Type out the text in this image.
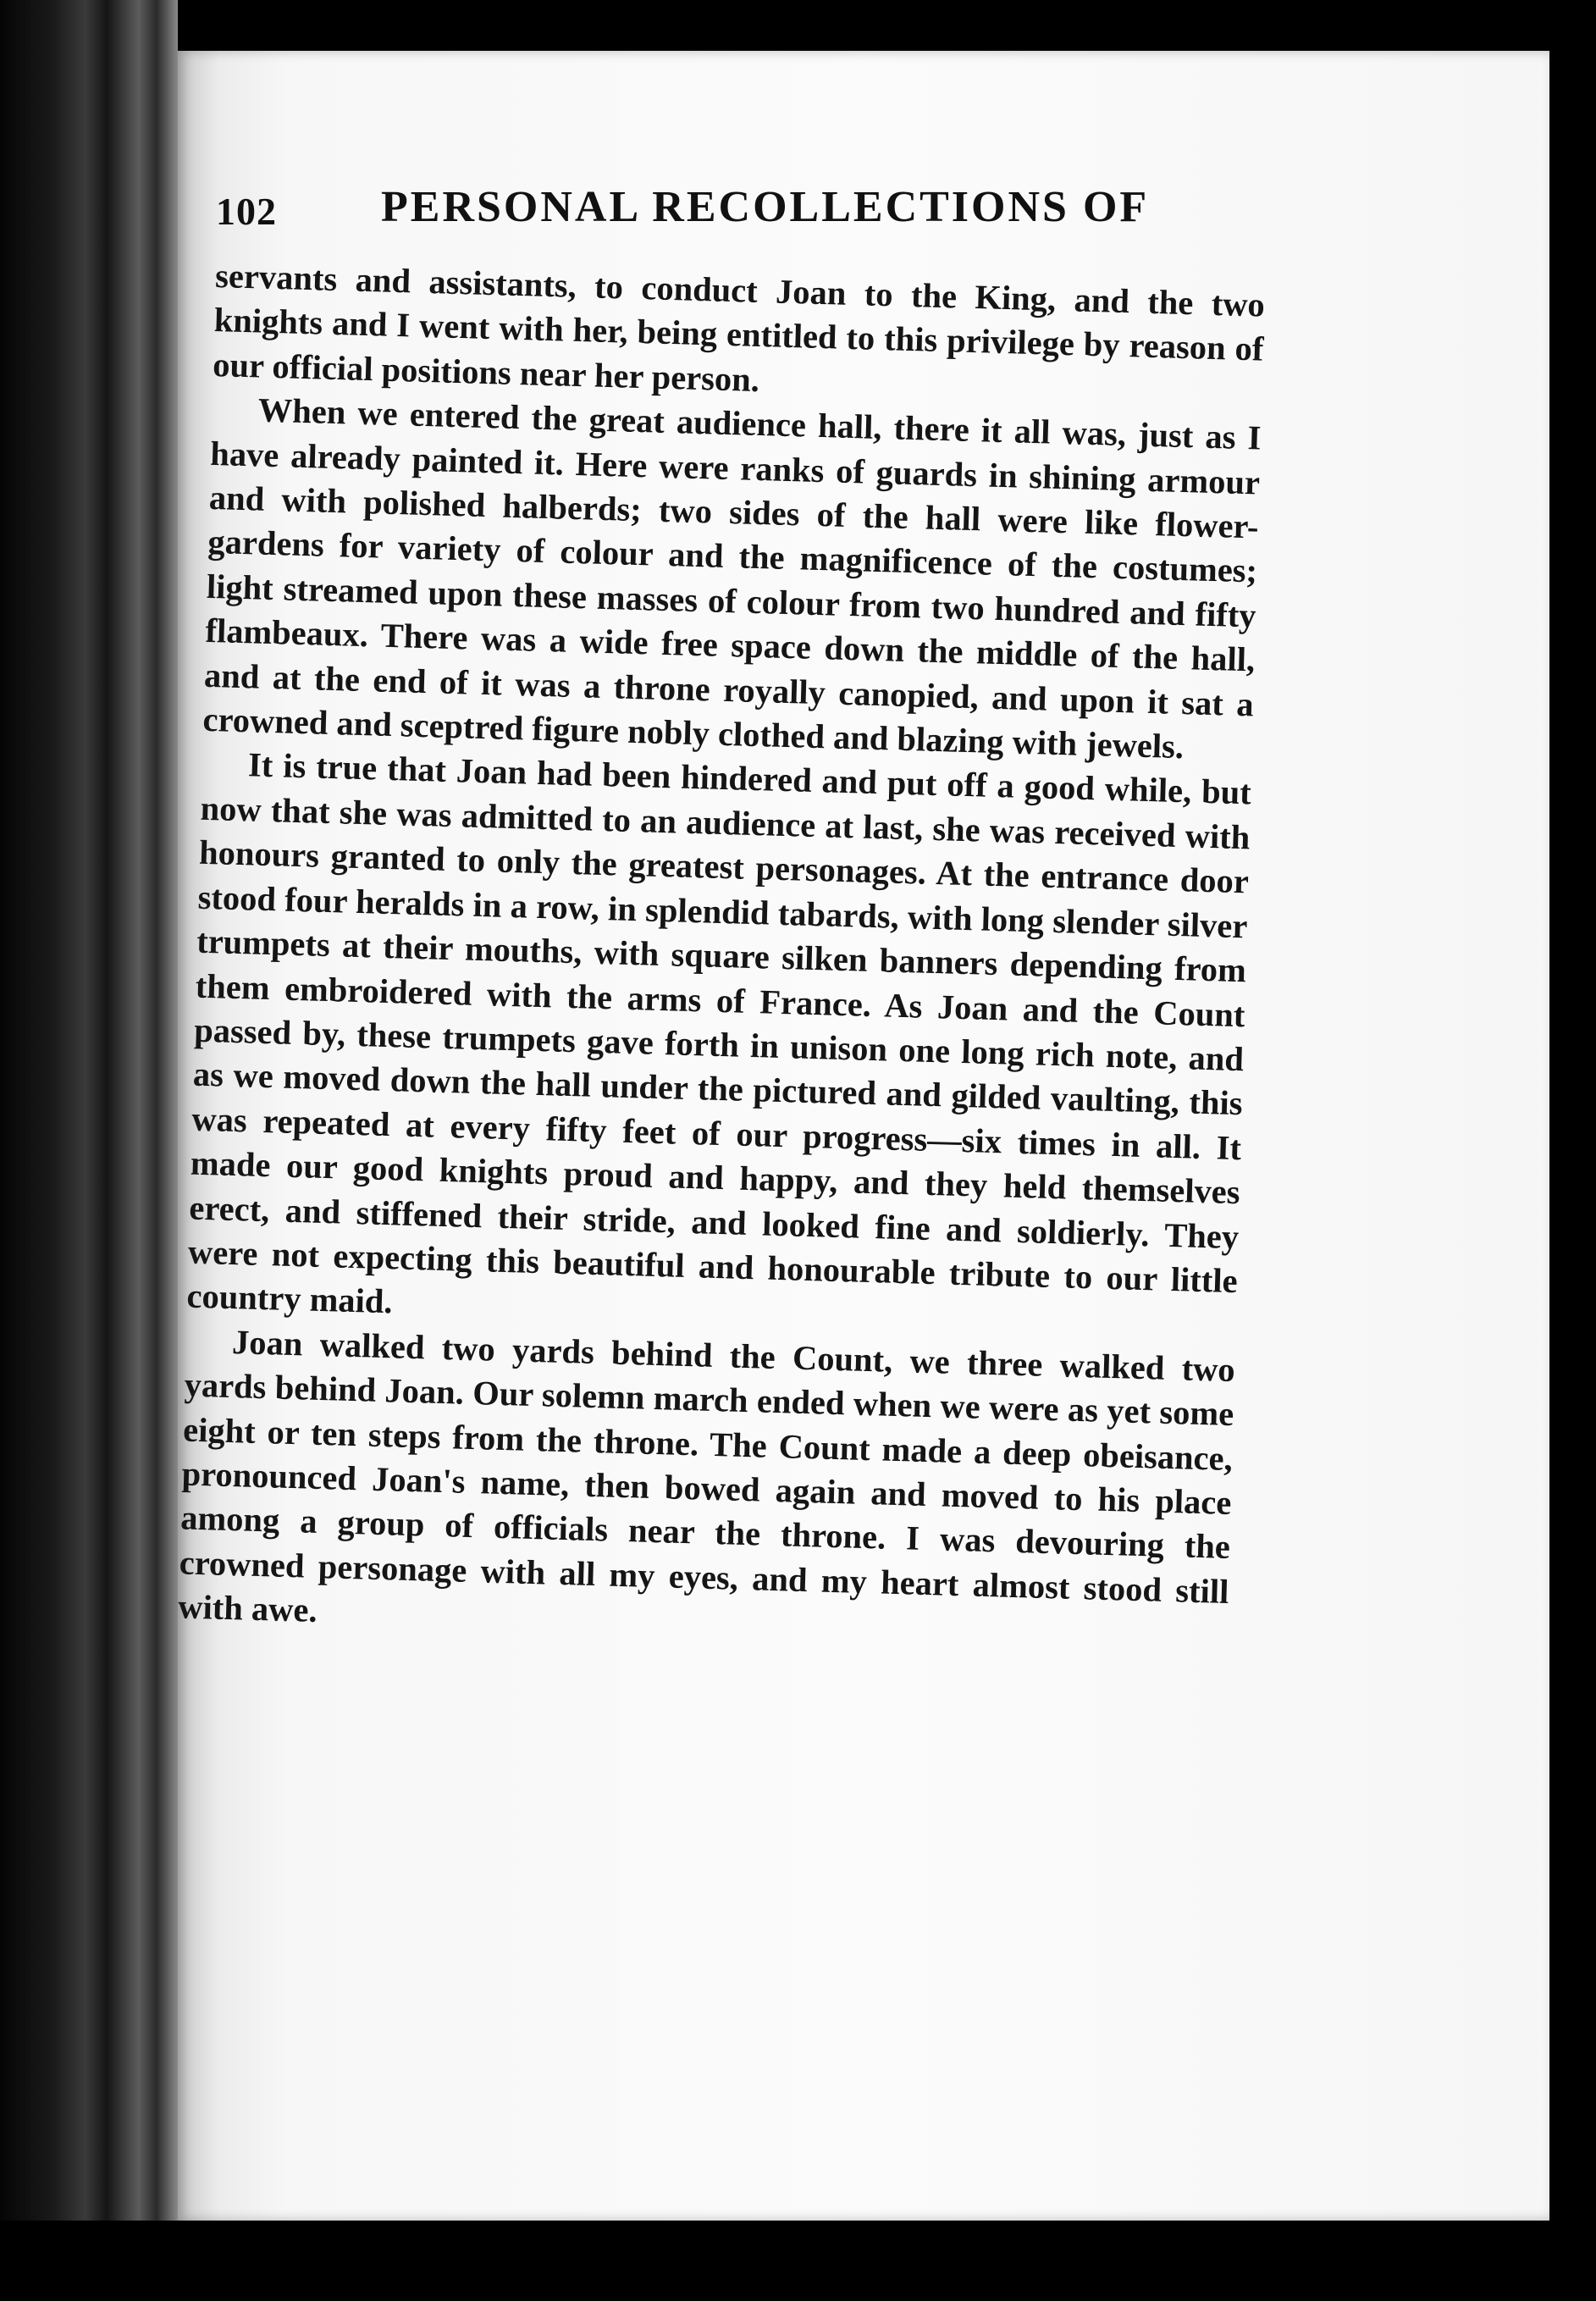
102 PERSONAL RECOLLECTIONS OF

servants and assistants, to conduct Joan to the King, and the two knights and I went with her, being entitled to this privilege by reason of our official positions near her person.

When we entered the great audience hall, there it all was, just as I have already painted it. Here were ranks of guards in shining armour and with polished halberds; two sides of the hall were like flower-gardens for variety of colour and the magnificence of the costumes; light streamed upon these masses of colour from two hundred and fifty flambeaux. There was a wide free space down the middle of the hall, and at the end of it was a throne royally canopied, and upon it sat a crowned and sceptred figure nobly clothed and blazing with jewels.

It is true that Joan had been hindered and put off a good while, but now that she was admitted to an audience at last, she was received with honours granted to only the greatest personages. At the entrance door stood four heralds in a row, in splendid tabards, with long slender silver trumpets at their mouths, with square silken banners depending from them embroidered with the arms of France. As Joan and the Count passed by, these trumpets gave forth in unison one long rich note, and as we moved down the hall under the pictured and gilded vaulting, this was repeated at every fifty feet of our progress—six times in all. It made our good knights proud and happy, and they held themselves erect, and stiffened their stride, and looked fine and soldierly. They were not expecting this beautiful and honourable tribute to our little country maid.

Joan walked two yards behind the Count, we three walked two yards behind Joan. Our solemn march ended when we were as yet some eight or ten steps from the throne. The Count made a deep obeisance, pronounced Joan's name, then bowed again and moved to his place among a group of officials near the throne. I was devouring the crowned personage with all my eyes, and my heart almost stood still with awe.
